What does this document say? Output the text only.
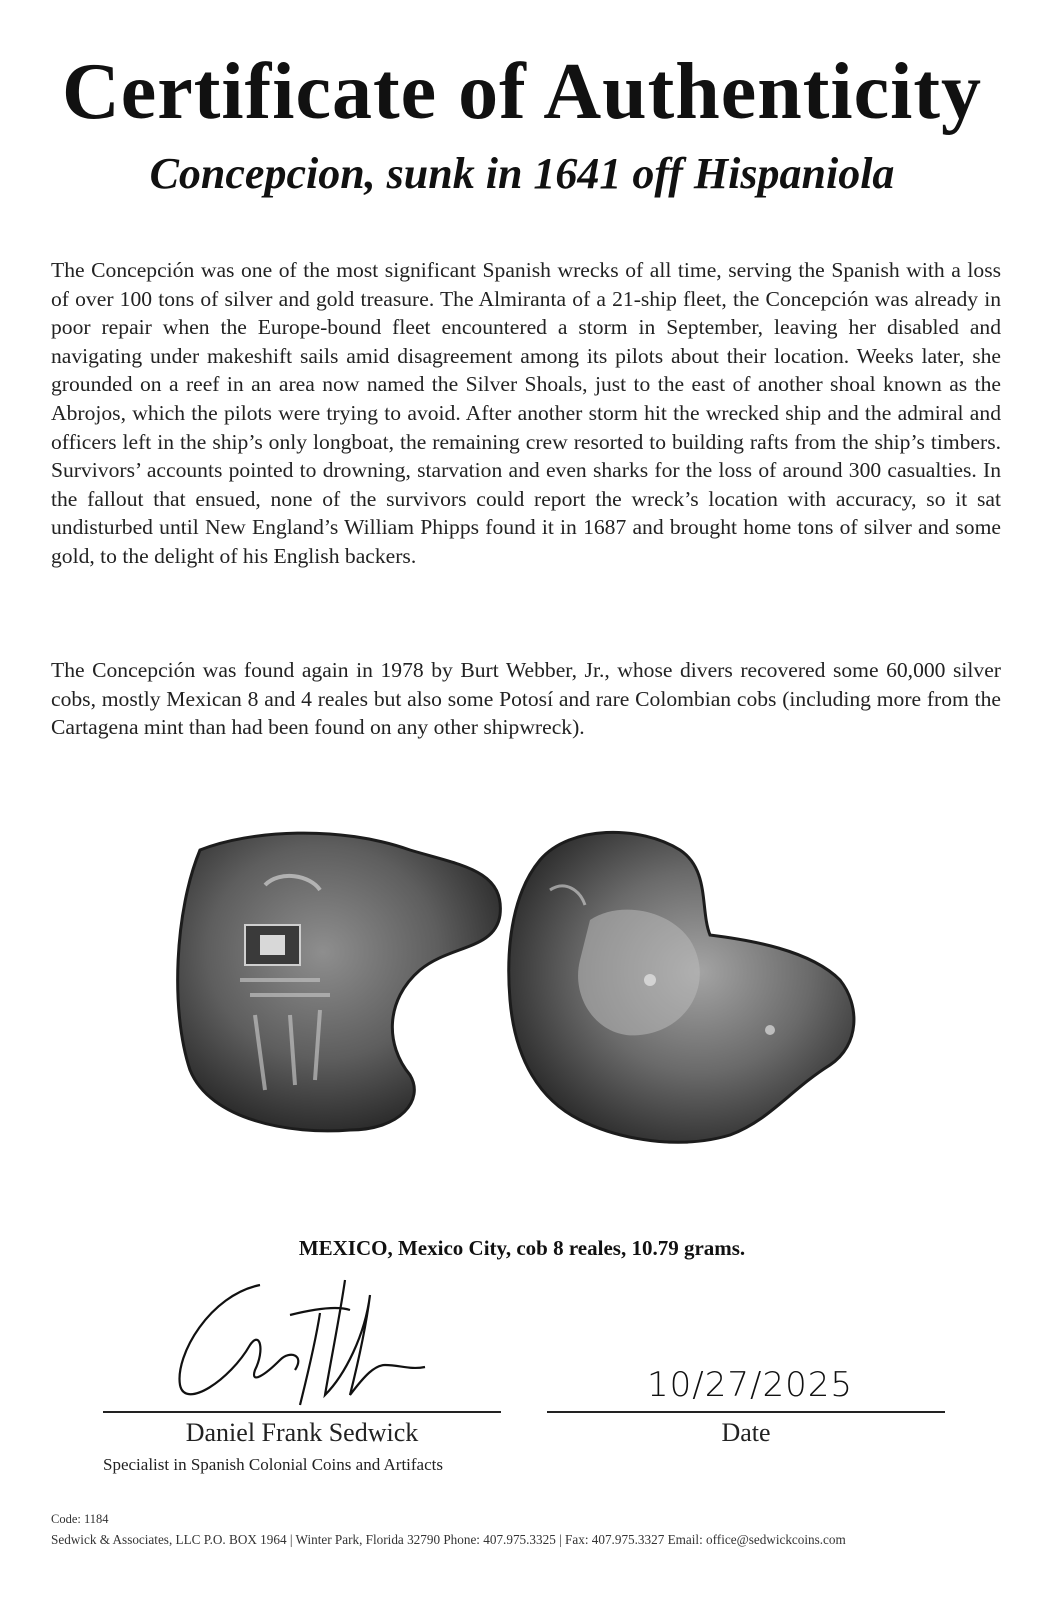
Certificate of Authenticity
Concepcion, sunk in 1641 off Hispaniola

The Concepción was one of the most significant Spanish wrecks of all time, serving the Spanish with a loss of over 100 tons of silver and gold treasure. The Almiranta of a 21-ship fleet, the Concepción was already in poor repair when the Europe-bound fleet encountered a storm in September, leaving her disabled and navigating under makeshift sails amid disagreement among its pilots about their location. Weeks later, she grounded on a reef in an area now named the Silver Shoals, just to the east of another shoal known as the Abrojos, which the pilots were trying to avoid. After another storm hit the wrecked ship and the admiral and officers left in the ship’s only longboat, the remaining crew resorted to building rafts from the ship’s timbers. Survivors’ accounts pointed to drowning, starvation and even sharks for the loss of around 300 casualties. In the fallout that ensued, none of the survivors could report the wreck’s location with accuracy, so it sat undisturbed until New England’s William Phipps found it in 1687 and brought home tons of silver and some gold, to the delight of his English backers.

The Concepción was found again in 1978 by Burt Webber, Jr., whose divers recovered some 60,000 silver cobs, mostly Mexican 8 and 4 reales but also some Potosí and rare Colombian cobs (including more from the Cartagena mint than had been found on any other shipwreck).

MEXICO, Mexico City, cob 8 reales, 10.79 grams.
10/27/2025
Daniel Frank Sedwick
Specialist in Spanish Colonial Coins and Artifacts
Date
Code: 1184
Sedwick & Associates, LLC P.O. BOX 1964 | Winter Park, Florida 32790 Phone: 407.975.3325 | Fax: 407.975.3327 Email: office@sedwickcoins.com
